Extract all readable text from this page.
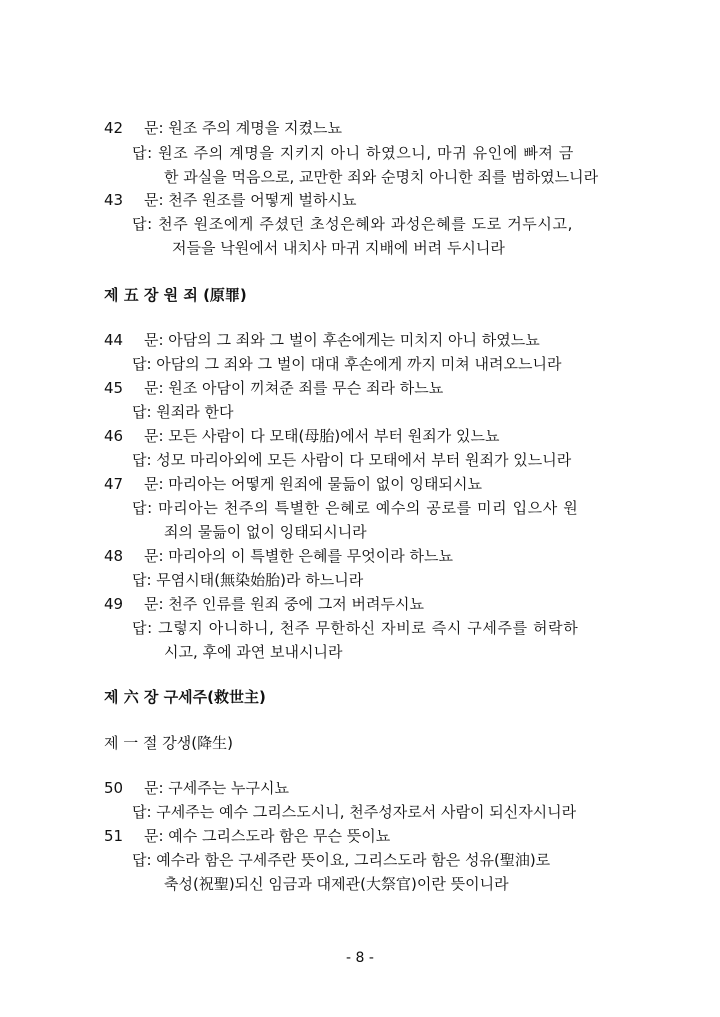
42 문: 원조 주의 계명을 지켰느뇨
답: 원조 주의 계명을 지키지 아니 하였으니, 마귀 유인에 빠져 금
한 과실을 먹음으로, 교만한 죄와 순명치 아니한 죄를 범하였느니라
43 문: 천주 원조를 어떻게 벌하시뇨
답: 천주 원조에게 주셨던 초성은혜와 과성은혜를 도로 거두시고,
저들을 낙원에서 내치사 마귀 지배에 버려 두시니라
제 五 장 원 죄 (原罪)
44 문: 아담의 그 죄와 그 벌이 후손에게는 미치지 아니 하였느뇨
답: 아담의 그 죄와 그 벌이 대대 후손에게 까지 미쳐 내려오느니라
45 문: 원조 아담이 끼쳐준 죄를 무슨 죄라 하느뇨
답: 원죄라 한다
46 문: 모든 사람이 다 모태(母胎)에서 부터 원죄가 있느뇨
답: 성모 마리아외에 모든 사람이 다 모태에서 부터 원죄가 있느니라
47 문: 마리아는 어떻게 원죄에 물듦이 없이 잉태되시뇨
답: 마리아는 천주의 특별한 은혜로 예수의 공로를 미리 입으사 원
죄의 물듦이 없이 잉태되시니라
48 문: 마리아의 이 특별한 은혜를 무엇이라 하느뇨
답: 무염시태(無染始胎)라 하느니라
49 문: 천주 인류를 원죄 중에 그저 버려두시뇨
답: 그렇지 아니하니, 천주 무한하신 자비로 즉시 구세주를 허락하
시고, 후에 과연 보내시니라
제 六 장 구세주(救世主)
제 一 절 강생(降生)
50 문: 구세주는 누구시뇨
답: 구세주는 예수 그리스도시니, 천주성자로서 사람이 되신자시니라
51 문: 예수 그리스도라 함은 무슨 뜻이뇨
답: 예수라 함은 구세주란 뜻이요, 그리스도라 함은 성유(聖油)로
축성(祝聖)되신 임금과 대제관(大祭官)이란 뜻이니라
- 8 -
